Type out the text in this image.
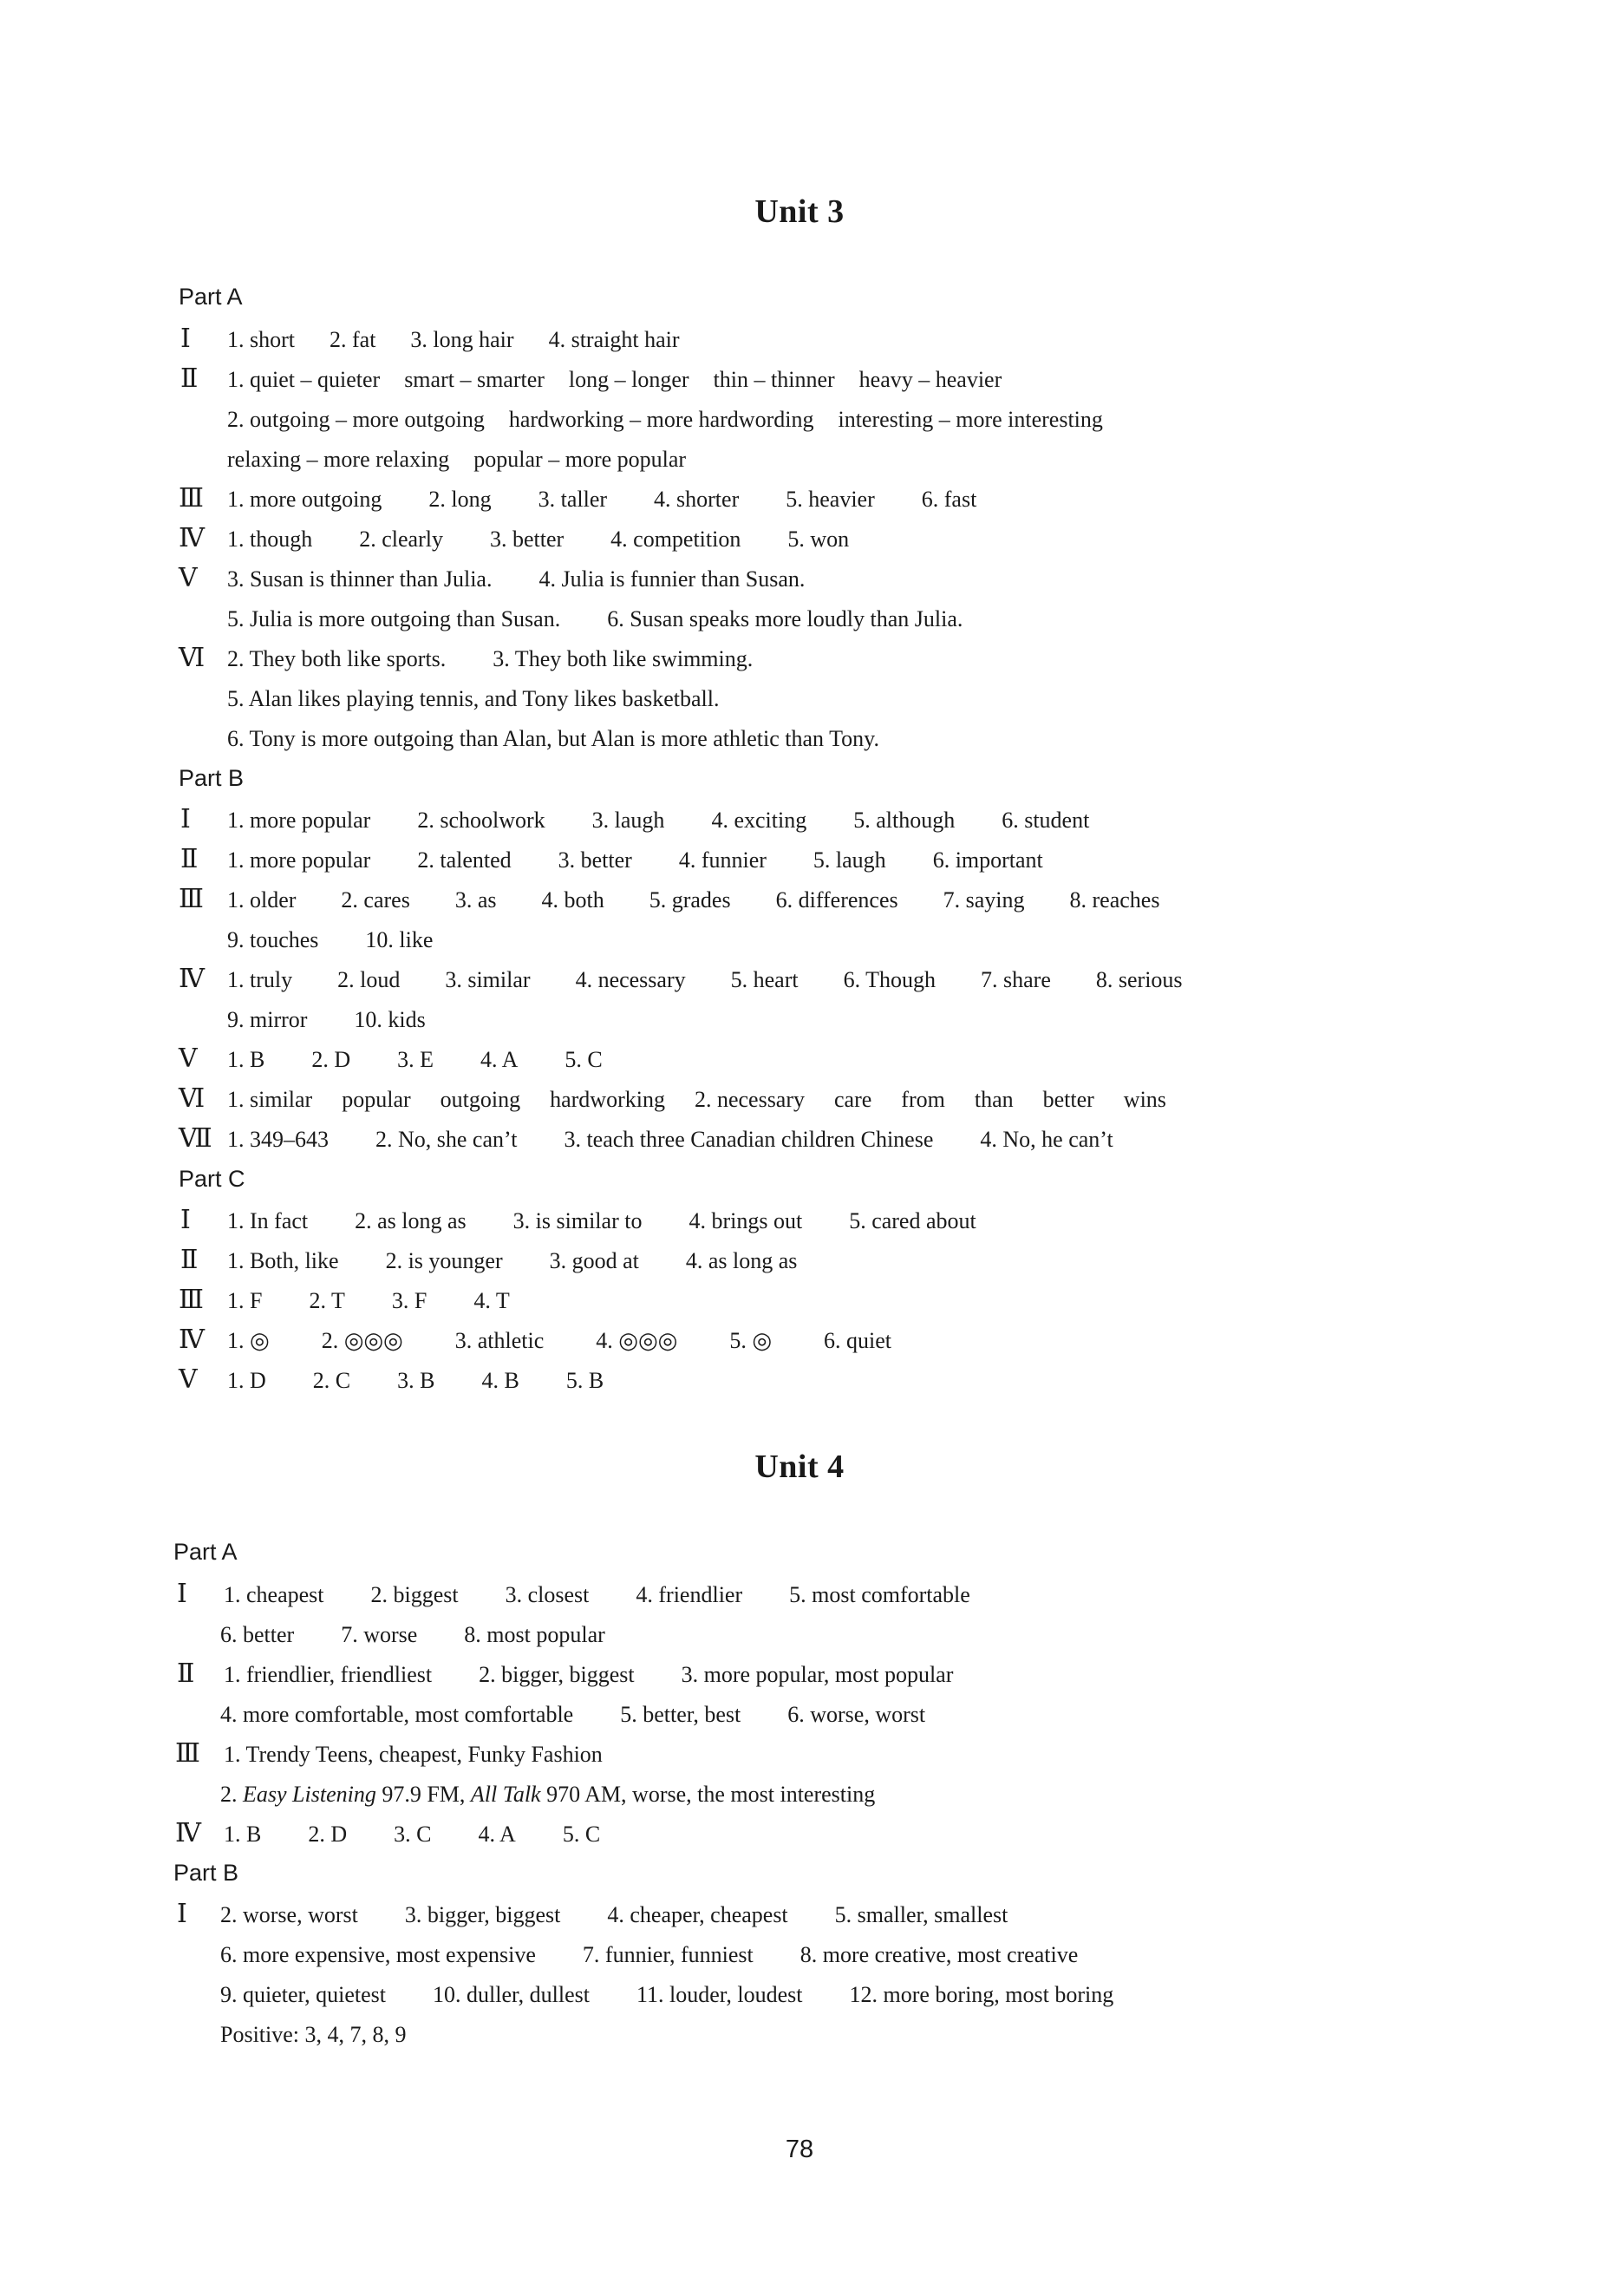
Unit 3
Part A
Ⅰ 1. short 2. fat 3. long hair 4. straight hair
Ⅱ 1. quiet – quieter smart – smarter long – longer thin – thinner heavy – heavier
2. outgoing – more outgoing hardworking – more hardwording interesting – more interesting
relaxing – more relaxing popular – more popular
Ⅲ 1. more outgoing 2. long 3. taller 4. shorter 5. heavier 6. fast
Ⅳ 1. though 2. clearly 3. better 4. competition 5. won
Ⅴ 3. Susan is thinner than Julia. 4. Julia is funnier than Susan.
5. Julia is more outgoing than Susan. 6. Susan speaks more loudly than Julia.
Ⅵ 2. They both like sports. 3. They both like swimming.
5. Alan likes playing tennis, and Tony likes basketball.
6. Tony is more outgoing than Alan, but Alan is more athletic than Tony.
Part B
Ⅰ 1. more popular 2. schoolwork 3. laugh 4. exciting 5. although 6. student
Ⅱ 1. more popular 2. talented 3. better 4. funnier 5. laugh 6. important
Ⅲ 1. older 2. cares 3. as 4. both 5. grades 6. differences 7. saying 8. reaches
9. touches 10. like
Ⅳ 1. truly 2. loud 3. similar 4. necessary 5. heart 6. Though 7. share 8. serious
9. mirror 10. kids
Ⅴ 1. B 2. D 3. E 4. A 5. C
Ⅵ 1. similar popular outgoing hardworking 2. necessary care from than better wins
Ⅶ 1. 349–643 2. No, she can’t 3. teach three Canadian children Chinese 4. No, he can’t
Part C
Ⅰ 1. In fact 2. as long as 3. is similar to 4. brings out 5. cared about
Ⅱ 1. Both, like 2. is younger 3. good at 4. as long as
Ⅲ 1. F 2. T 3. F 4. T
Ⅳ 1. ◎ 2. ◎◎◎ 3. athletic 4. ◎◎◎ 5. ◎ 6. quiet
Ⅴ 1. D 2. C 3. B 4. B 5. B
Unit 4
Part A
Ⅰ 1. cheapest 2. biggest 3. closest 4. friendlier 5. most comfortable
6. better 7. worse 8. most popular
Ⅱ 1. friendlier, friendliest 2. bigger, biggest 3. more popular, most popular
4. more comfortable, most comfortable 5. better, best 6. worse, worst
Ⅲ 1. Trendy Teens, cheapest, Funky Fashion
2. Easy Listening 97.9 FM, All Talk 970 AM, worse, the most interesting
Ⅳ 1. B 2. D 3. C 4. A 5. C
Part B
Ⅰ 2. worse, worst 3. bigger, biggest 4. cheaper, cheapest 5. smaller, smallest
6. more expensive, most expensive 7. funnier, funniest 8. more creative, most creative
9. quieter, quietest 10. duller, dullest 11. louder, loudest 12. more boring, most boring
Positive: 3, 4, 7, 8, 9
78
